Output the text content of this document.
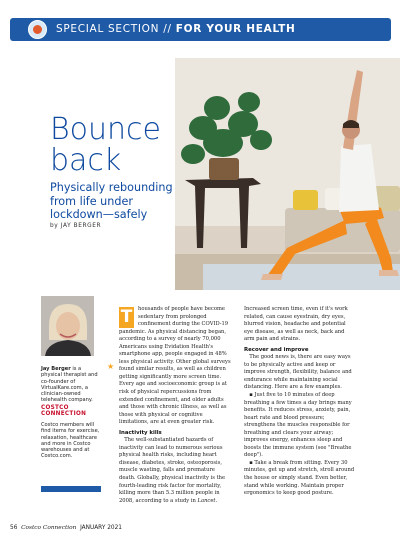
SPECIAL SECTION // FOR YOUR HEALTH
Bounce back
Physically rebounding from life under lockdown—safely
by JAY BERGER
Jay Berger is a physical therapist and co-founder of VirtualKare.com, a clinician-owned telehealth company.
COSTCO CONNECTION
Costco members will find items for exercise, relaxation, healthcare and more in Costco warehouses and at Costco.com.
★

T	housands of people have become sedentary from prolonged confinement during the COVID-19 pandemic. As physical distancing began, according to a survey of nearly 70,000 Americans using Evidation Health's smartphone app, people engaged in 48% less physical activity. Other global surveys found similar results, as well as children getting significantly more screen time. Every age and socioeconomic group is at risk of physical repercussions from extended confinement, and older adults and those with chronic illness, as well as those with physical or cognitive limitations, are at even greater risk.

Inactivity kills

 The well-substantiated hazards of inactivity can lead to numerous serious physical health risks, including heart disease, diabetes, stroke, osteoporosis, muscle wasting, falls and premature death. Globally, physical inactivity is the fourth-leading risk factor for mortality, killing more than 5.3 million people in 2008, according to a study in Lancet.

Increased screen time, even if it's work related, can cause eyestrain, dry eyes, blurred vision, headache and potential eye disease, as well as neck, back and arm pain and strains.

Recover and improve

 The good news is, there are easy ways to be physically active and keep or improve strength, flexibility, balance and endurance while maintaining social distancing. Here are a few examples.

 ▪ Just five to 10 minutes of deep breathing a few times a day brings many benefits. It reduces stress, anxiety, pain, heart rate and blood pressure; strengthens the muscles responsible for breathing and clears your airway; improves energy, enhances sleep and boosts the immune system (see "Breathe deep").

 ▪ Take a break from sitting. Every 30 minutes, get up and stretch, stroll around the house or simply stand. Even better, stand while working. Maintain proper ergonomics to keep good posture.

56 Costco Connection JANUARY 2021
